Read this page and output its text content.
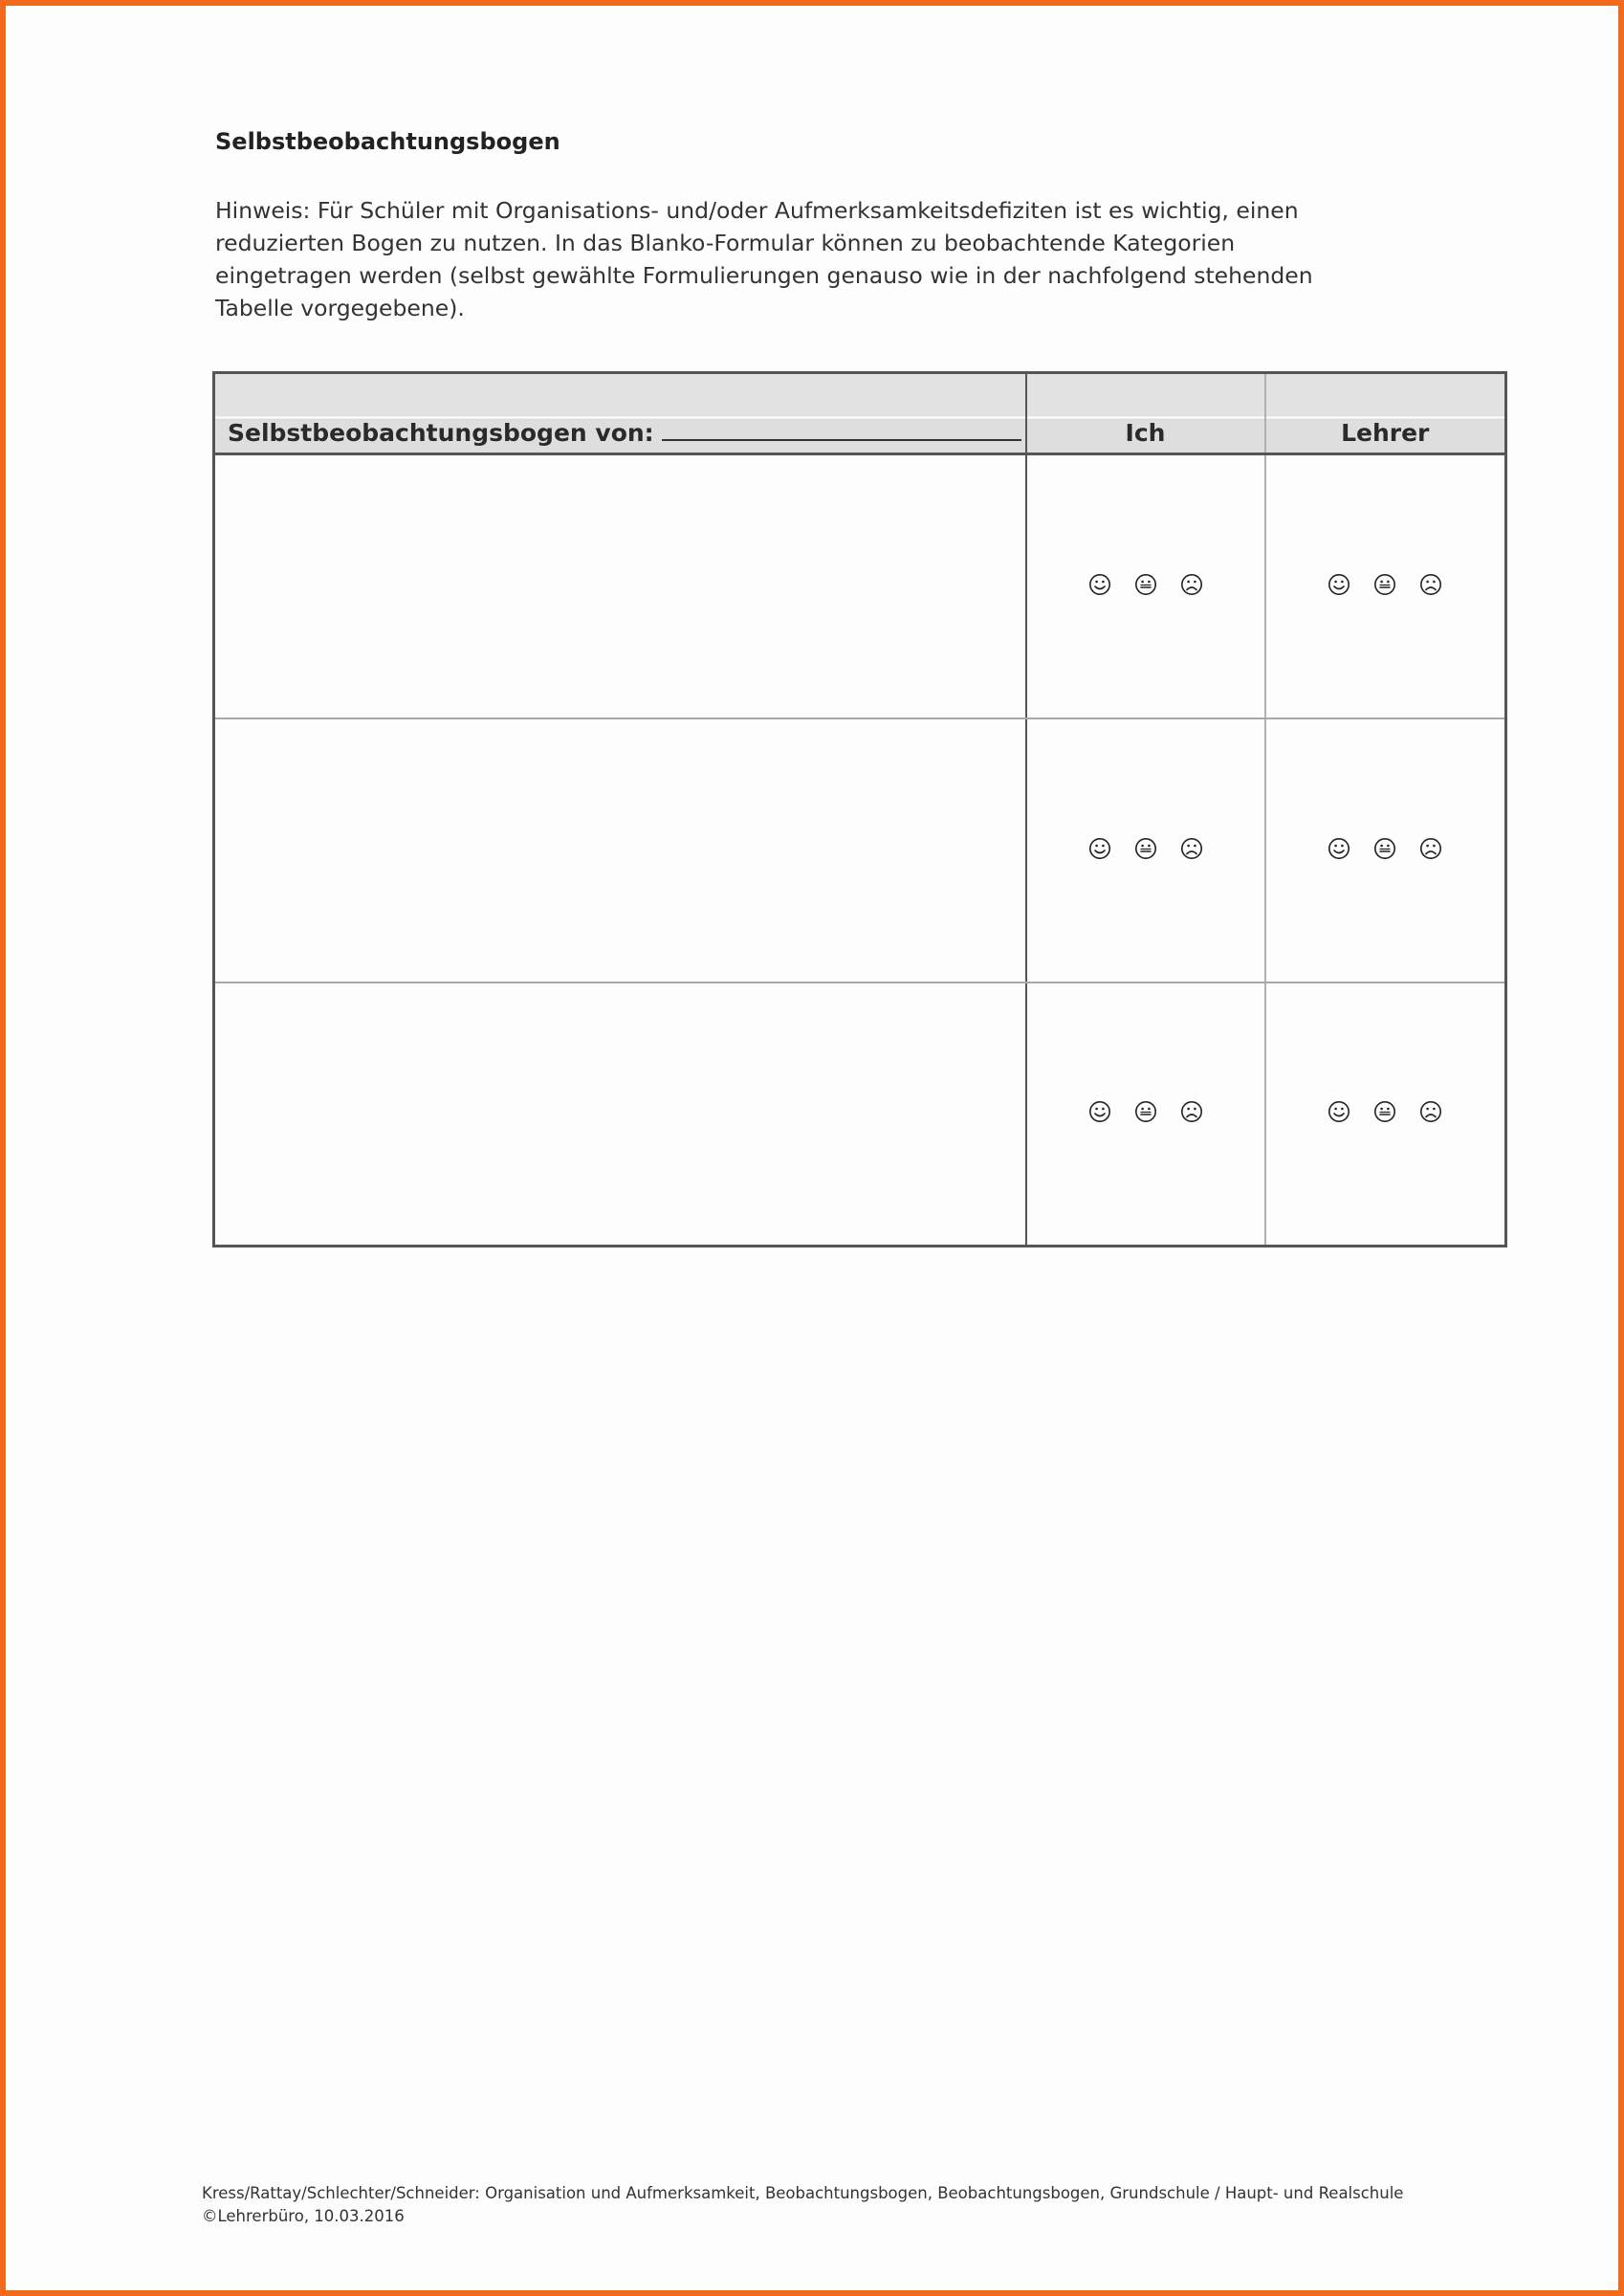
Selbstbeobachtungsbogen
Hinweis: Für Schüler mit Organisations- und/oder Aufmerksamkeitsdefiziten ist es wichtig, einen
reduzierten Bogen zu nutzen. In das Blanko-Formular können zu beobachtende Kategorien
eingetragen werden (selbst gewählte Formulierungen genauso wie in der nachfolgend stehenden
Tabelle vorgegebene).
Selbstbeobachtungsbogen von:	Ich	Lehrer

Kress/Rattay/Schlechter/Schneider: Organisation und Aufmerksamkeit, Beobachtungsbogen, Beobachtungsbogen, Grundschule / Haupt- und Realschule
©Lehrerbüro, 10.03.2016
